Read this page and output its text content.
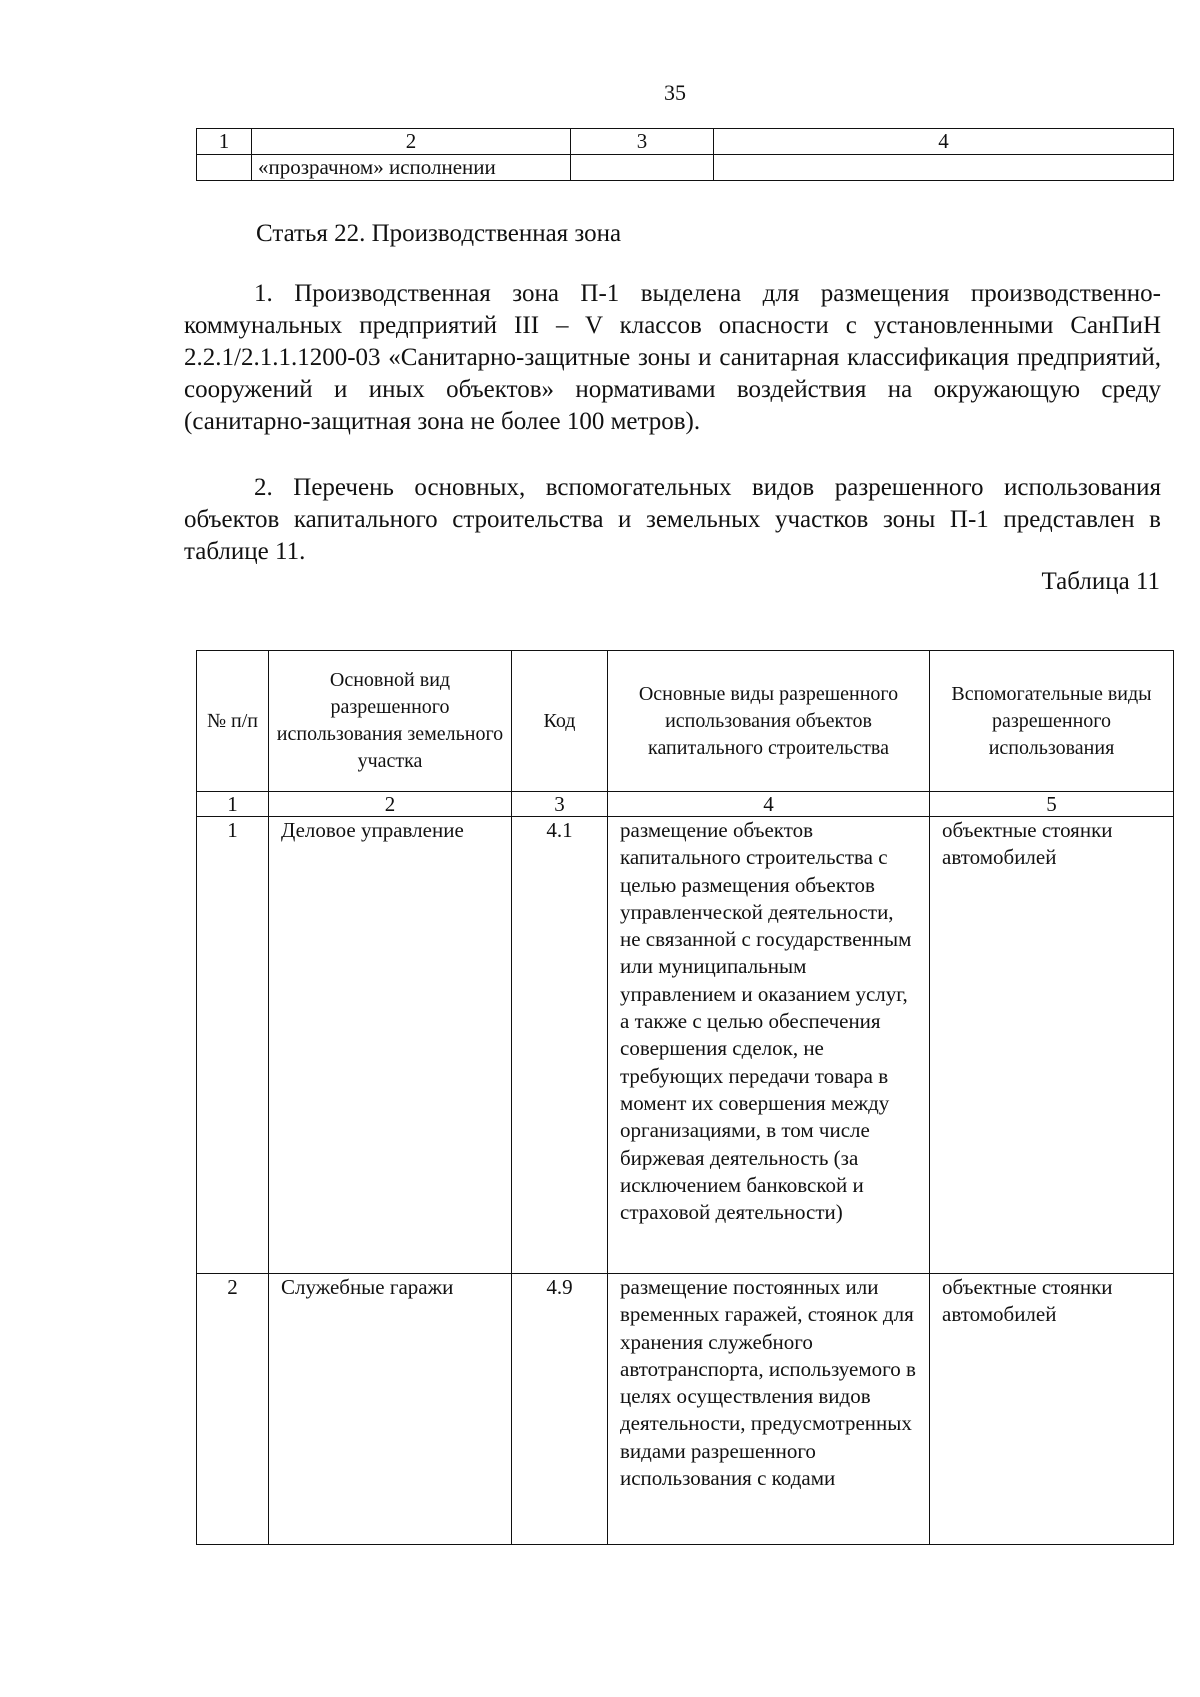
35
1	2	3	4
	«прозрачном» исполнении		
Статья 22. Производственная зона

1. Производственная зона П-1 выделена для размещения производственно-коммунальных предприятий III – V классов опасности с установленными СанПиН 2.2.1/2.1.1.1200-03 «Санитарно-защитные зоны и санитарная классификация предприятий, сооружений и иных объектов» нормативами воздействия на окружающую среду (санитарно-защитная зона не более 100 метров).

2. Перечень основных, вспомогательных видов разрешенного использования объектов капитального строительства и земельных участков зоны П-1 представлен в таблице 11.

Таблица 11
№ п/п	Основной вид разрешенного использования земельного участка	Код	Основные виды разрешенного использования объектов капитального строительства	Вспомогательные виды разрешенного использования
1	2	3	4	5
1	Деловое управление	4.1	размещение объектов капитального строительства с целью размещения объектов управленческой деятельности, не связанной с государственным или муниципальным управлением и оказанием услуг, а также с целью обеспечения совершения сделок, не требующих передачи товара в момент их совершения между организациями, в том числе биржевая деятельность (за исключением банковской и страховой деятельности)	объектные стоянки автомобилей
2	Служебные гаражи	4.9	размещение постоянных или временных гаражей, стоянок для хранения служебного автотранспорта, используемого в целях осуществления видов деятельности, предусмотренных видами разрешенного использования с кодами	объектные стоянки автомобилей
